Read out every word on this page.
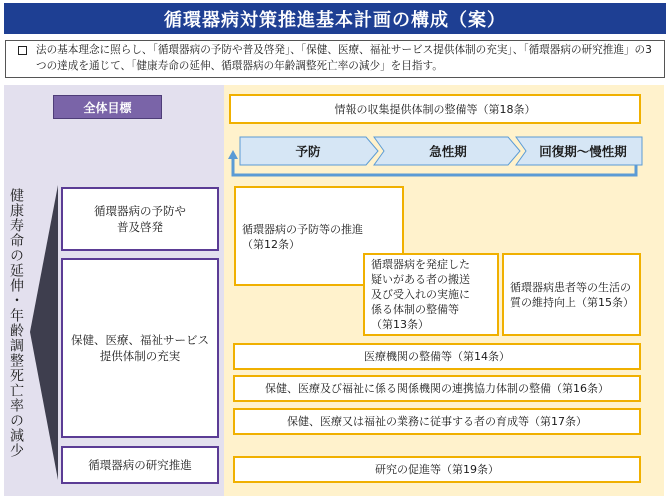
循環器病対策推進基本計画の構成（案）
法の基本理念に照らし、「循環器病の予防や普及啓発」、「保健、医療、福祉サービス提供体制の充実」、「循環器病の研究推進」の3つの達成を通じて、「健康寿命の延伸、循環器病の年齢調整死亡率の減少」を目指す。
全体目標
健康寿命の延伸・年齢調整死亡率の減少	循環器病の予防や
普及啓発
保健、医療、福祉サービス
提供体制の充実
循環器病の研究推進
情報の収集提供体制の整備等（第18条）
予防	急性期	回復期～慢性期
循環器病の予防等の推進
（第12条）
循環器病を発症した
疑いがある者の搬送
及び受入れの実施に
係る体制の整備等
（第13条）
循環器病患者等の生活の質の維持向上（第15条）
医療機関の整備等（第14条）
保健、医療及び福祉に係る関係機関の連携協力体制の整備（第16条）
保健、医療又は福祉の業務に従事する者の育成等（第17条）
研究の促進等（第19条）
